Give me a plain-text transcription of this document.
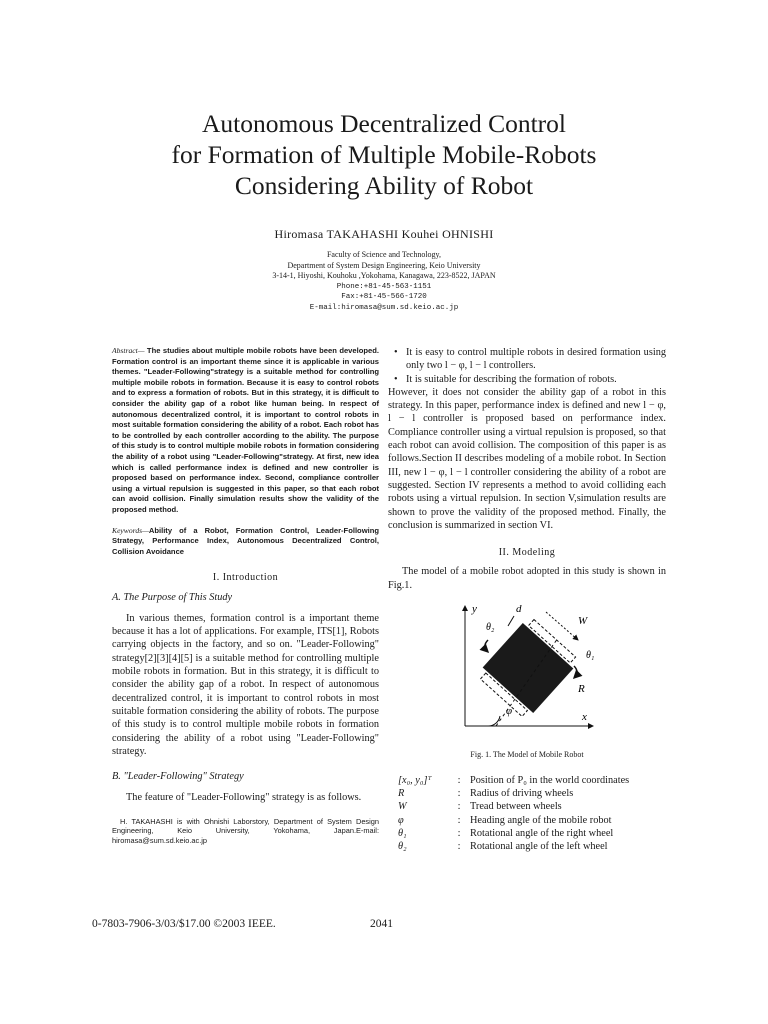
Autonomous Decentralized Control
for Formation of Multiple Mobile-Robots
Considering Ability of Robot
Hiromasa TAKAHASHI Kouhei OHNISHI
Faculty of Science and Technology,
Department of System Design Engineering, Keio University
3-14-1, Hiyoshi, Kouhoku ,Yokohama, Kanagawa, 223-8522, JAPAN
Phone:+81-45-563-1151
Fax:+81-45-566-1720
E-mail:hiromasa@sum.sd.keio.ac.jp

Abstract— The studies about multiple mobile robots have been developed. Formation control is an important theme since it is applicable in various themes. "Leader-Following"strategy is a suitable method for controlling multiple mobile robots in formation. Because it is easy to control robots and to express a formation of robots. But in this strategy, it is difficult to consider the ability gap of a robot like human being. In respect of autonomous decentralized control, it is important to control robots in most suitable formation considering the ability of a robot. Each robot has to be controlled by each controller according to the ability. The purpose of this study is to control multiple mobile robots in formation considering the ability of a robot using "Leader-Following"strategy. At first, new idea which is called performance index is defined and new controller is proposed based on performance index. Second, compliance controller using a virtual repulsion is suggested in this paper, so that each robot can avoid collision. Finally simulation results show the validity of the proposed method.

Keywords—Ability of a Robot, Formation Control, Leader-Following Strategy, Performance Index, Autonomous Decentralized Control, Collision Avoidance

I. Introduction
A. The Purpose of This Study

In various themes, formation control is a important theme because it has a lot of applications. For example, ITS[1], Robots carrying objects in the factory, and so on. "Leader-Following" strategy[2][3][4][5] is a suitable method for controlling multiple mobile robots in formation. But in this strategy, it is difficult to consider the ability gap of a robot. In respect of autonomous decentralized control, it is important to control robots in most suitable formation considering the ability of robots. The purpose of this study is to control multiple mobile robots in formation considering the ability of a robot using "Leader-Following" strategy.

B. "Leader-Following" Strategy

The feature of "Leader-Following" strategy is as follows.

H. TAKAHASHI is with Ohnishi Laborstory, Department of System Design Engineering, Keio University, Yokohama, Japan.E-mail: hiromasa@sum.sd.keio.ac.jp
• It is easy to control multiple robots in desired formation using only two l − φ, l − l controllers.
• It is suitable for describing the formation of robots.

However, it does not consider the ability gap of a robot in this strategy. In this paper, performance index is defined and new l − φ, l − l controller is proposed based on performance index. Compliance controller using a virtual repulsion is proposed, so that each robot can avoid collision. The composition of this paper is as follows.Section II describes modeling of a mobile robot. In Section III, new l − φ, l − l controller considering the ability of a robot are suggested. Section IV represents a method to avoid colliding each robots using a virtual repulsion. In section V,simulation results are shown to prove the validity of the proposed method. Finally, the conclusion is summarized in section VI.

II. Modeling

The model of a mobile robot adopted in this study is shown in Fig.1.

y
x
φ
W
d
θ₂
θ₁
R
Fig. 1. The Model of Mobile Robot
[x₀, y₀]ᵀ	:	Position of P₀ in the world coordinates
R	:	Radius of driving wheels
W	:	Tread between wheels
φ	:	Heading angle of the mobile robot
θ₁	:	Rotational angle of the right wheel
θ₂	:	Rotational angle of the left wheel
0-7803-7906-3/03/$17.00 ©2003 IEEE.	2041
